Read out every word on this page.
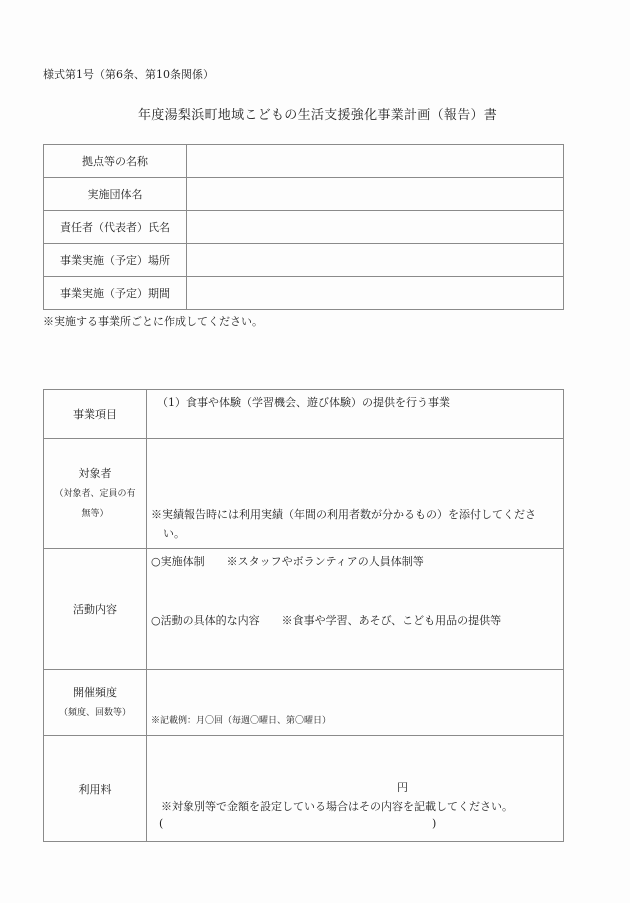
様式第1号（第6条、第10条関係）
年度湯梨浜町地域こどもの生活支援強化事業計画（報告）書
拠点等の名称	
実施団体名	
責任者（代表者）氏名	
事業実施（予定）場所	
事業実施（予定）期間	
※実施する事業所ごとに作成してください。
事業項目	（1）食事や体験（学習機会、遊び体験）の提供を行う事業

対象者
（対象者、定員の有
無等）	※実績報告時には利用実績（年間の利用者数が分かるもの）を添付してくださ
い。

活動内容	○実施体制　　※スタッフやボランティアの人員体制等
○活動の具体的な内容　　※食事や学習、あそび、こども用品の提供等

開催頻度
（頻度、回数等）	※記載例：月〇回（毎週〇曜日、第〇曜日）

利用料	円
※対象別等で金額を設定している場合はその内容を記載してください。
( )
